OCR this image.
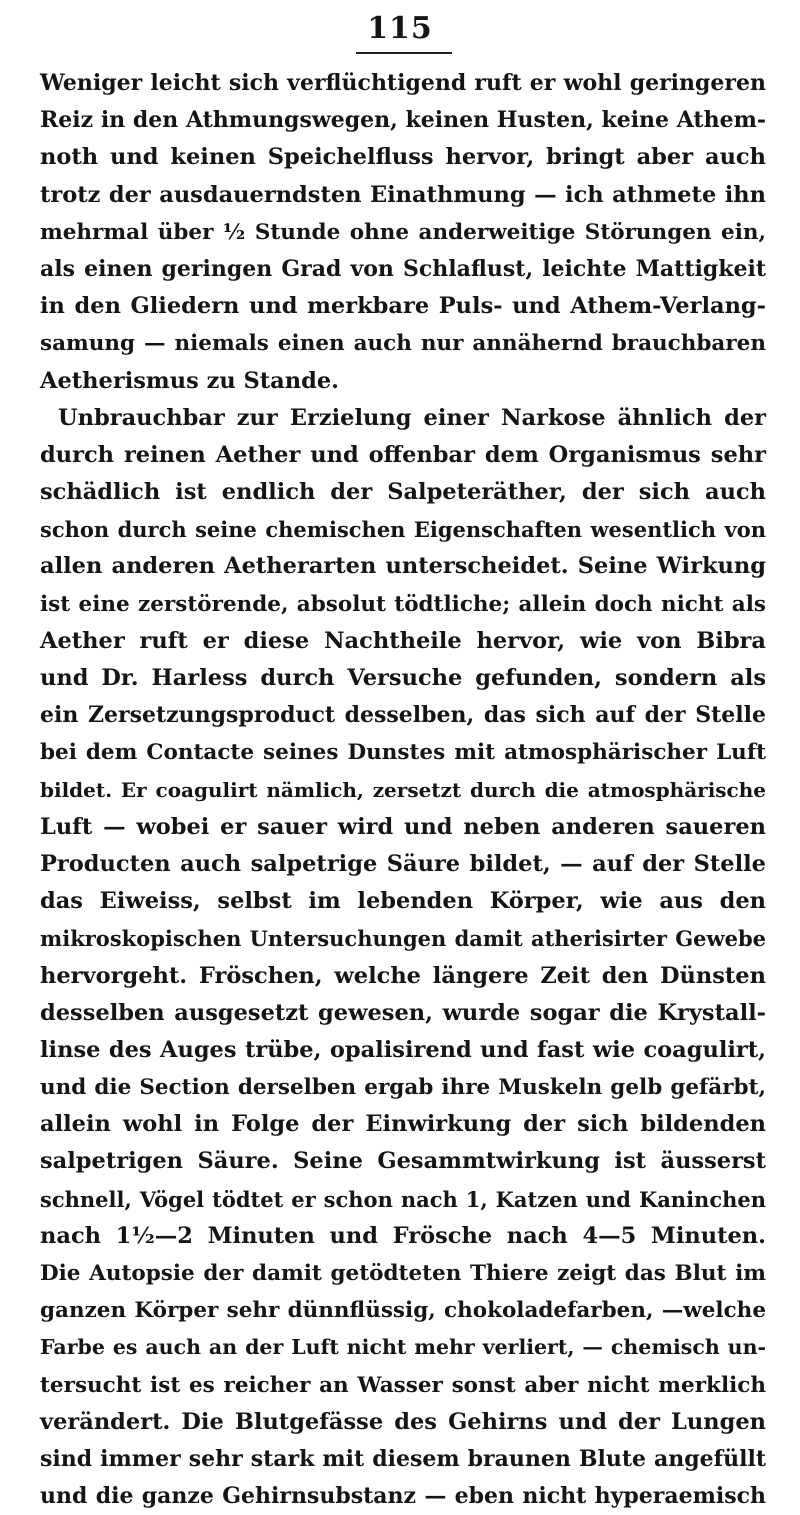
115
Weniger leicht sich verflüchtigend ruft er wohl geringeren
Reiz in den Athmungswegen, keinen Husten, keine Athem-
noth und keinen Speichelfluss hervor, bringt aber auch
trotz der ausdauerndsten Einathmung — ich athmete ihn
mehrmal über ½ Stunde ohne anderweitige Störungen ein,
als einen geringen Grad von Schlaflust, leichte Mattigkeit
in den Gliedern und merkbare Puls- und Athem-Verlang-
samung — niemals einen auch nur annähernd brauchbaren
Aetherismus zu Stande.
Unbrauchbar zur Erzielung einer Narkose ähnlich der
durch reinen Aether und offenbar dem Organismus sehr
schädlich ist endlich der Salpeteräther, der sich auch
schon durch seine chemischen Eigenschaften wesentlich von
allen anderen Aetherarten unterscheidet. Seine Wirkung
ist eine zerstörende, absolut tödtliche; allein doch nicht als
Aether ruft er diese Nachtheile hervor, wie von Bibra
und Dr. Harless durch Versuche gefunden, sondern als
ein Zersetzungsproduct desselben, das sich auf der Stelle
bei dem Contacte seines Dunstes mit atmosphärischer Luft
bildet. Er coagulirt nämlich, zersetzt durch die atmosphärische
Luft — wobei er sauer wird und neben anderen saueren
Producten auch salpetrige Säure bildet, — auf der Stelle
das Eiweiss, selbst im lebenden Körper, wie aus den
mikroskopischen Untersuchungen damit atherisirter Gewebe
hervorgeht. Fröschen, welche längere Zeit den Dünsten
desselben ausgesetzt gewesen, wurde sogar die Krystall-
linse des Auges trübe, opalisirend und fast wie coagulirt,
und die Section derselben ergab ihre Muskeln gelb gefärbt,
allein wohl in Folge der Einwirkung der sich bildenden
salpetrigen Säure. Seine Gesammtwirkung ist äusserst
schnell, Vögel tödtet er schon nach 1, Katzen und Kaninchen
nach 1½—2 Minuten und Frösche nach 4—5 Minuten.
Die Autopsie der damit getödteten Thiere zeigt das Blut im
ganzen Körper sehr dünnflüssig, chokoladefarben, —welche
Farbe es auch an der Luft nicht mehr verliert, — chemisch un-
tersucht ist es reicher an Wasser sonst aber nicht merklich
verändert. Die Blutgefässe des Gehirns und der Lungen
sind immer sehr stark mit diesem braunen Blute angefüllt
und die ganze Gehirnsubstanz — eben nicht hyperaemisch
